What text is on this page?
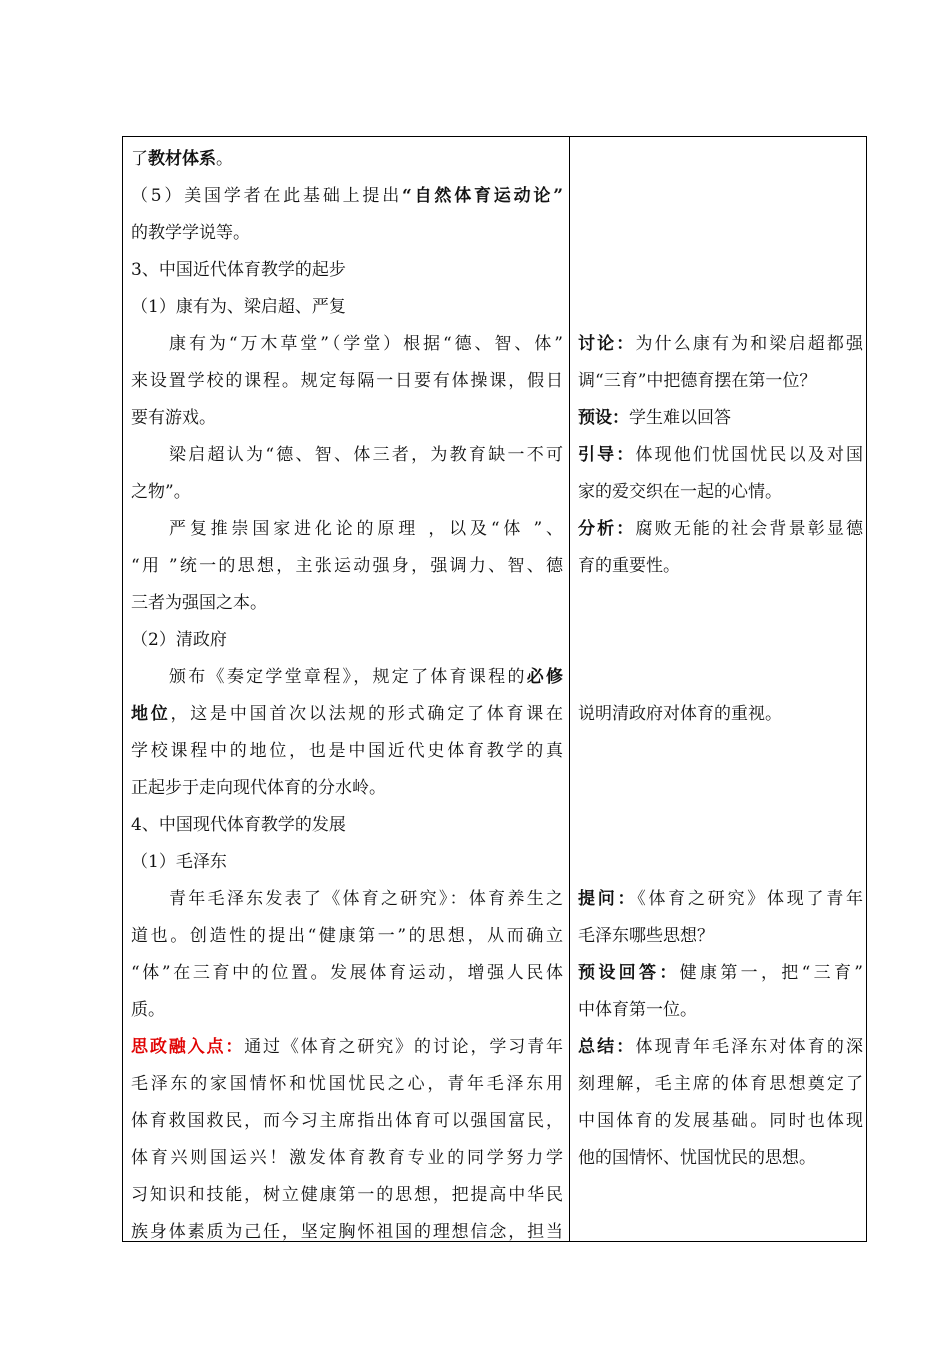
了教材体系。
（5）美国学者在此基础上提出“自然体育运动论”
的教学学说等。
3、中国近代体育教学的起步
（1）康有为、梁启超、严复
康有为“万木草堂”（学堂）根据“德、智、体”
来设置学校的课程。规定每隔一日要有体操课，假日
要有游戏。
梁启超认为“德、智、体三者，为教育缺一不可
之物”。
严复推崇国家进化论的原理 ，以及“体 ”、
“用 ”统一的思想，主张运动强身，强调力、智、德
三者为强国之本。
（2）清政府
颁布《奏定学堂章程》，规定了体育课程的必修
地位，这是中国首次以法规的形式确定了体育课在
学校课程中的地位，也是中国近代史体育教学的真
正起步于走向现代体育的分水岭。
4、中国现代体育教学的发展
（1）毛泽东
青年毛泽东发表了《体育之研究》：体育养生之
道也。创造性的提出“健康第一”的思想，从而确立
“体”在三育中的位置。发展体育运动，增强人民体
质。
思政融入点：通过《体育之研究》的讨论，学习青年
毛泽东的家国情怀和忧国忧民之心，青年毛泽东用
体育救国救民，而今习主席指出体育可以强国富民，
体育兴则国运兴！激发体育教育专业的同学努力学
习知识和技能，树立健康第一的思想，把提高中华民
族身体素质为己任，坚定胸怀祖国的理想信念，担当
讨论：为什么康有为和梁启超都强
调“三育”中把德育摆在第一位？
预设：学生难以回答
引导：体现他们忧国忧民以及对国
家的爱交织在一起的心情。
分析：腐败无能的社会背景彰显德
育的重要性。
说明清政府对体育的重视。
提问：《体育之研究》体现了青年
毛泽东哪些思想？
预设回答：健康第一，把“三育”
中体育第一位。
总结：体现青年毛泽东对体育的深
刻理解，毛主席的体育思想奠定了
中国体育的发展基础。同时也体现
他的国情怀、忧国忧民的思想。
